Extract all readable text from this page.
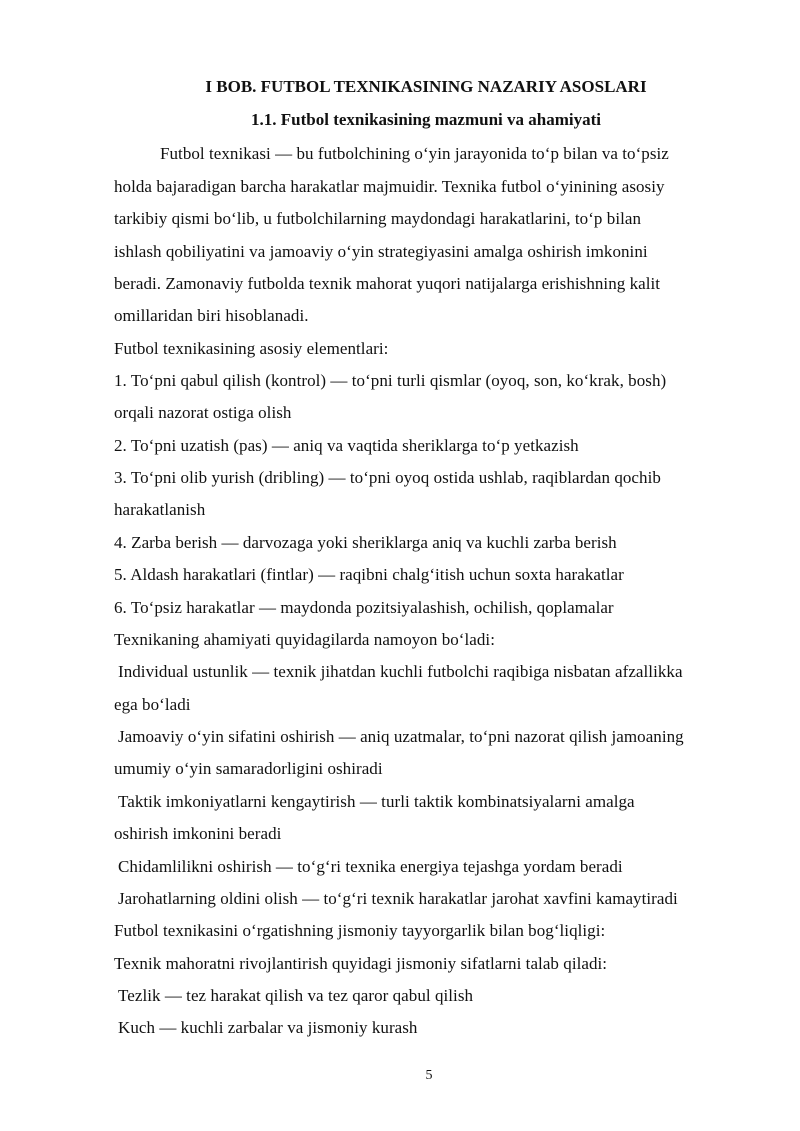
I BOB. FUTBOL TEXNIKASINING NAZARIY ASOSLARI
1.1. Futbol texnikasining mazmuni va ahamiyati
Futbol texnikasi — bu futbolchining oʻyin jarayonida toʻp bilan va toʻpsiz
holda bajaradigan barcha harakatlar majmuidir. Texnika futbol oʻyinining asosiy
tarkibiy qismi boʻlib, u futbolchilarning maydondagi harakatlarini, toʻp bilan
ishlash qobiliyatini va jamoaviy oʻyin strategiyasini amalga oshirish imkonini
beradi. Zamonaviy futbolda texnik mahorat yuqori natijalarga erishishning kalit
omillaridan biri hisoblanadi.
Futbol texnikasining asosiy elementlari:
1. Toʻpni qabul qilish (kontrol) — toʻpni turli qismlar (oyoq, son, koʻkrak, bosh)
orqali nazorat ostiga olish
2. Toʻpni uzatish (pas) — aniq va vaqtida sheriklarga toʻp yetkazish
3. Toʻpni olib yurish (dribling) — toʻpni oyoq ostida ushlab, raqiblardan qochib
harakatlanish
4. Zarba berish — darvozaga yoki sheriklarga aniq va kuchli zarba berish
5. Aldash harakatlari (fintlar) — raqibni chalgʻitish uchun soxta harakatlar
6. Toʻpsiz harakatlar — maydonda pozitsiyalashish, ochilish, qoplamalar
Texnikaning ahamiyati quyidagilarda namoyon boʻladi:
Individual ustunlik — texnik jihatdan kuchli futbolchi raqibiga nisbatan afzallikka
ega boʻladi
Jamoaviy oʻyin sifatini oshirish — aniq uzatmalar, toʻpni nazorat qilish jamoaning
umumiy oʻyin samaradorligini oshiradi
Taktik imkoniyatlarni kengaytirish — turli taktik kombinatsiyalarni amalga
oshirish imkonini beradi
Chidamlilikni oshirish — toʻgʻri texnika energiya tejashga yordam beradi
Jarohatlarning oldini olish — toʻgʻri texnik harakatlar jarohat xavfini kamaytiradi
Futbol texnikasini oʻrgatishning jismoniy tayyorgarlik bilan bogʻliqligi:
Texnik mahoratni rivojlantirish quyidagi jismoniy sifatlarni talab qiladi:
Tezlik — tez harakat qilish va tez qaror qabul qilish
Kuch — kuchli zarbalar va jismoniy kurash
5
